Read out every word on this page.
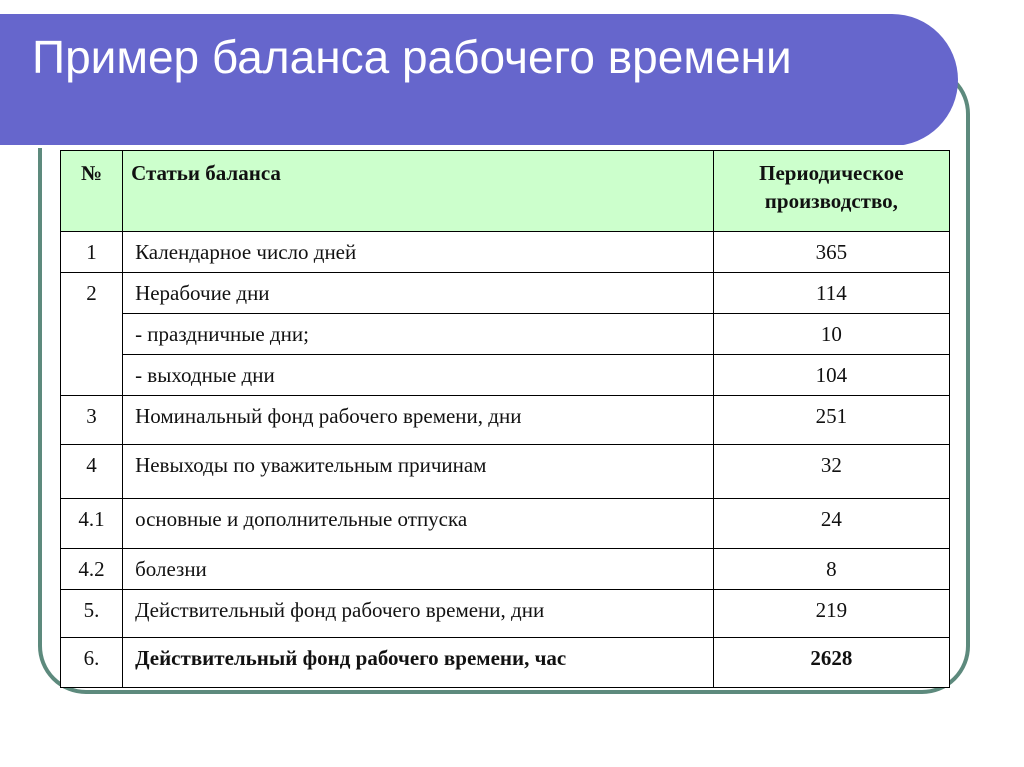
Пример баланса рабочего времени
№	Статьи баланса	Периодическое производство,
1	Календарное число дней	365
2	Нерабочие дни	114
	- праздничные дни;	10
	- выходные дни	104
3	Номинальный фонд рабочего времени, дни	251
4	Невыходы по уважительным причинам	32
4.1	основные и дополнительные отпуска	24
4.2	болезни	8
5.	Действительный фонд рабочего времени, дни	219
6.	Действительный фонд рабочего времени, час	2628
